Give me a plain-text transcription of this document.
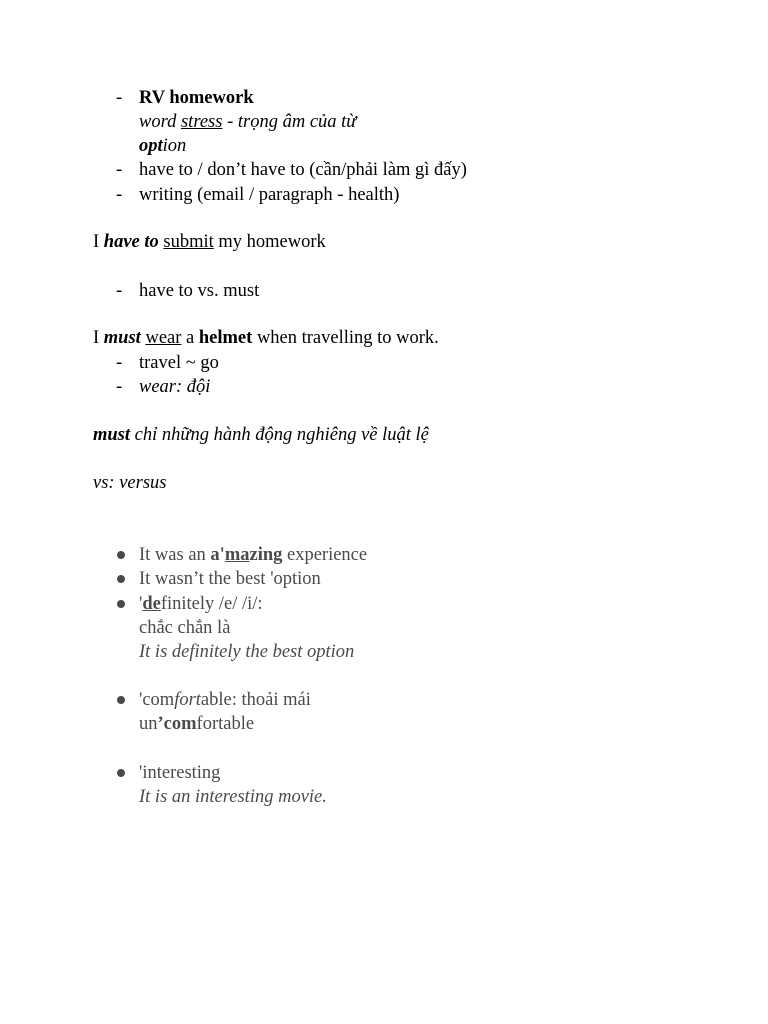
- RV homework
word stress - trọng âm của từ
option
- have to / don’t have to (cần/phải làm gì đấy)
- writing (email / paragraph - health)
I have to submit my homework
- have to vs. must
I must wear a helmet when travelling to work.
- travel ~ go
- wear: đội
must chỉ những hành động nghiêng về luật lệ
vs: versus
It was an a'mazing experience
It wasn’t the best 'option
'definitely /e/ /i/:
chắc chắn là
It is definitely the best option
'comfortable: thoải mái
un’comfortable
'interesting
It is an interesting movie.
